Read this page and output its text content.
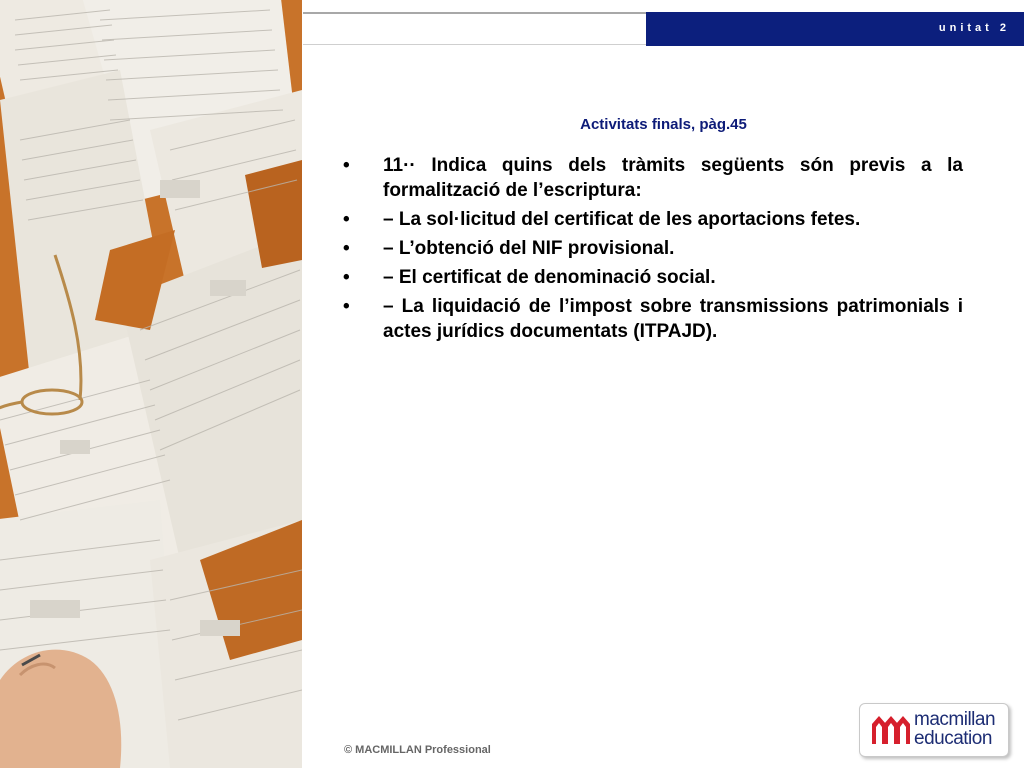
unitat 2
Activitats finals, pàg.45
•	11·· Indica quins dels tràmits següents són previs a la formalització de l’escriptura:
•	– La sol·licitud del certificat de les aportacions fetes.
•	– L’obtenció del NIF provisional.
•	– El certificat de denominació social.
•	– La liquidació de l’impost sobre transmissions patrimonials i actes jurídics documentats (ITPAJD).
© MACMILLAN Professional
macmillan
education
